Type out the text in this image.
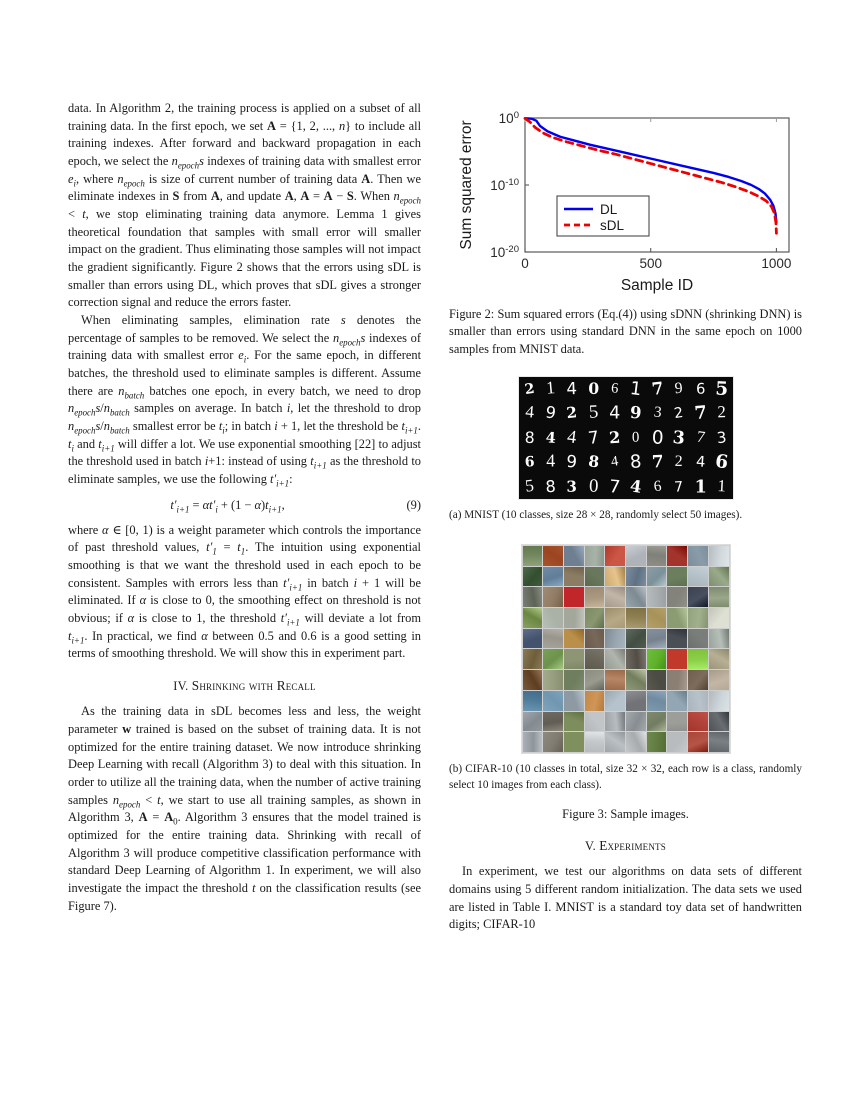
data. In Algorithm 2, the training process is applied on a subset of all training data. In the first epoch, we set A = {1, 2, ..., n} to include all training indexes. After forward and backward propagation in each epoch, we select the $n_{epoch}s$ indexes of training data with smallest error $e_i$, where $n_{epoch}$ is size of current number of training data A. Then we eliminate indexes in S from A, and update A, A = A − S. When $n_{epoch} < t$, we stop eliminating training data anymore. Lemma 1 gives theoretical foundation that samples with small error will smaller impact on the gradient. Thus eliminating those samples will not impact the gradient significantly. Figure 2 shows that the errors using sDL is smaller than errors using DL, which proves that sDL gives a stronger correction signal and reduce the errors faster.

When eliminating samples, elimination rate s denotes the percentage of samples to be removed. We select the $n_{epoch}s$ indexes of training data with smallest error $e_i$. For the same epoch, in different batches, the threshold used to eliminate samples is different. Assume there are $n_{batch}$ batches one epoch, in every batch, we need to drop $n_{epoch}s/n_{batch}$ samples on average. In batch i, let the threshold to drop $n_{epoch}s/n_{batch}$ smallest error be $t_i$; in batch i + 1, let the threshold be $t_{i+1}$. $t_i$ and $t_{i+1}$ will differ a lot. We use exponential smoothing [22] to adjust the threshold used in batch i+1: instead of using $t_{i+1}$ as the threshold to eliminate samples, we use the following $t'_{i+1}$:

$t'_{i+1} = \alpha t'_i + (1 - \alpha)t_{i+1}$,	(9)

where α ∈ [0, 1) is a weight parameter which controls the importance of past threshold values, $t'_1 = t_1$. The intuition using exponential smoothing is that we want the threshold used in each epoch to be consistent. Samples with errors less than $t'_{i+1}$ in batch i + 1 will be eliminated. If α is close to 0, the smoothing effect on threshold is not obvious; if α is close to 1, the threshold $t'_{i+1}$ will deviate a lot from $t_{i+1}$. In practical, we find α between 0.5 and 0.6 is a good setting in terms of smoothing threshold. We will show this in experiment part.

IV. Shrinking with Recall

As the training data in sDL becomes less and less, the weight parameter w trained is based on the subset of training data. It is not optimized for the entire training dataset. We now introduce shrinking Deep Learning with recall (Algorithm 3) to deal with this situation. In order to utilize all the training data, when the number of active training samples $n_{epoch} < t$, we start to use all training samples, as shown in Algorithm 3, $A = A_0$. Algorithm 3 ensures that the model trained is optimized for the entire training data. Shrinking with recall of Algorithm 3 will produce competitive classification performance with standard Deep Learning of Algorithm 1. In experiment, we will also investigate the impact the threshold t on the classification results (see Figure 7).

0	500	1000
$10^0$
$10^{-10}$
$10^{-20}$
Sample ID
Sum squared error	DL
sDL

Figure 2: Sum squared errors (Eq.(4)) using sDNN (shrinking DNN) is smaller than errors using standard DNN in the same epoch on 1000 samples from MNIST data.

2 1 4 0 6 1 7 9 6 5
4 9 2 5 4 9 3 2 7 2
8 4 4 7 2 0 0 3 7 3
6 4 9 8 4 8 7 2 4 6
5 8 3 0 7 4 6 7 1 1

(a) MNIST (10 classes, size 28 × 28, randomly select 50 images).

(b) CIFAR-10 (10 classes in total, size 32 × 32, each row is a class, randomly select 10 images from each class).

Figure 3: Sample images.

V. Experiments

In experiment, we test our algorithms on data sets of different domains using 5 different random initialization. The data sets we used are listed in Table I. MNIST is a standard toy data set of handwritten digits; CIFAR-10
